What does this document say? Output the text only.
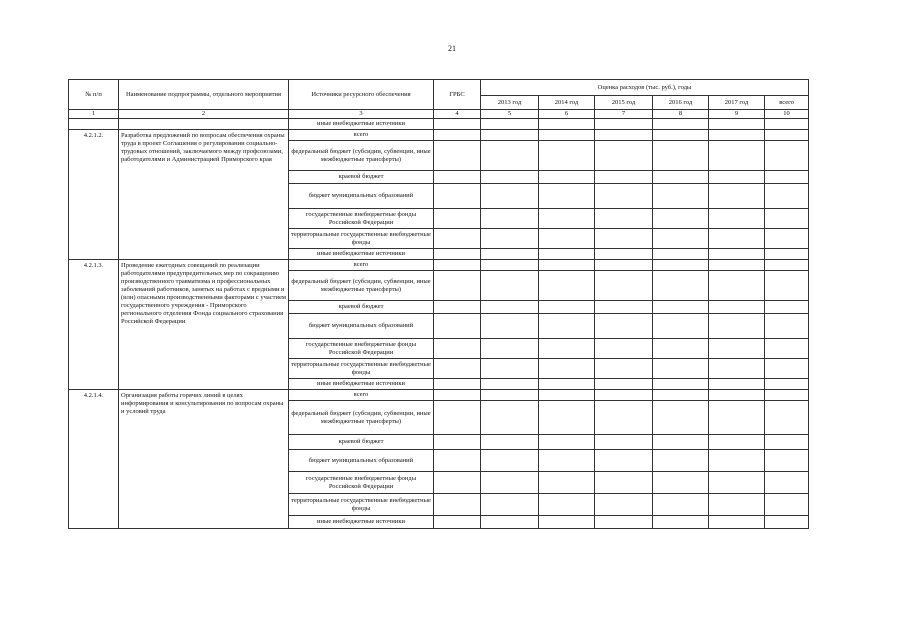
21
№ п/п	Наименование подпрограммы, отдельного мероприятия	Источники ресурсного обеспечения	ГРБС	Оценка расходов (тыс. руб.), годы					
				2013 год	2014 год	2015 год	2016 год	2017 год	всего
1	2	3	4	5	6	7	8	9	10
		иные внебюджетные источники							
4.2.1.2.	Разработка предложений по вопросам обеспечения охраны труда в проект Соглашения о регулировании социально-трудовых отношений, заключаемого между профсоюзами, работодателями и Администрацией Приморского края	всего							
		федеральный бюджет (субсидии, субвенции, иные межбюджетные трансферты)							
		краевой бюджет							
		бюджет муниципальных образований							
		государственные внебюджетные фонды Российской Федерации							
		территориальные государственные внебюджетные фонды							
		иные внебюджетные источники							
4.2.1.3.	Проведение ежегодных совещаний по реализации работодателями предупредительных мер по сокращению производственного травматизма и профессиональных заболеваний работников, занятых на работах с вредными и (или) опасными производственными факторами с участием государственного учреждения - Приморского регионального отделения Фонда социального страхования Российской Федерации	всего							
		федеральный бюджет (субсидии, субвенции, иные межбюджетные трансферты)							
		краевой бюджет							
		бюджет муниципальных образований							
		государственные внебюджетные фонды Российской Федерации							
		территориальные государственные внебюджетные фонды							
		иные внебюджетные источники							
4.2.1.4.	Организация работы горячих линий в целях информирования и консультирования по вопросам охраны и условий труда	всего							
		федеральный бюджет (субсидии, субвенции, иные межбюджетные трансферты)							
		краевой бюджет							
		бюджет муниципальных образований							
		государственные внебюджетные фонды Российской Федерации							
		территориальные государственные внебюджетные фонды							
		иные внебюджетные источники							
